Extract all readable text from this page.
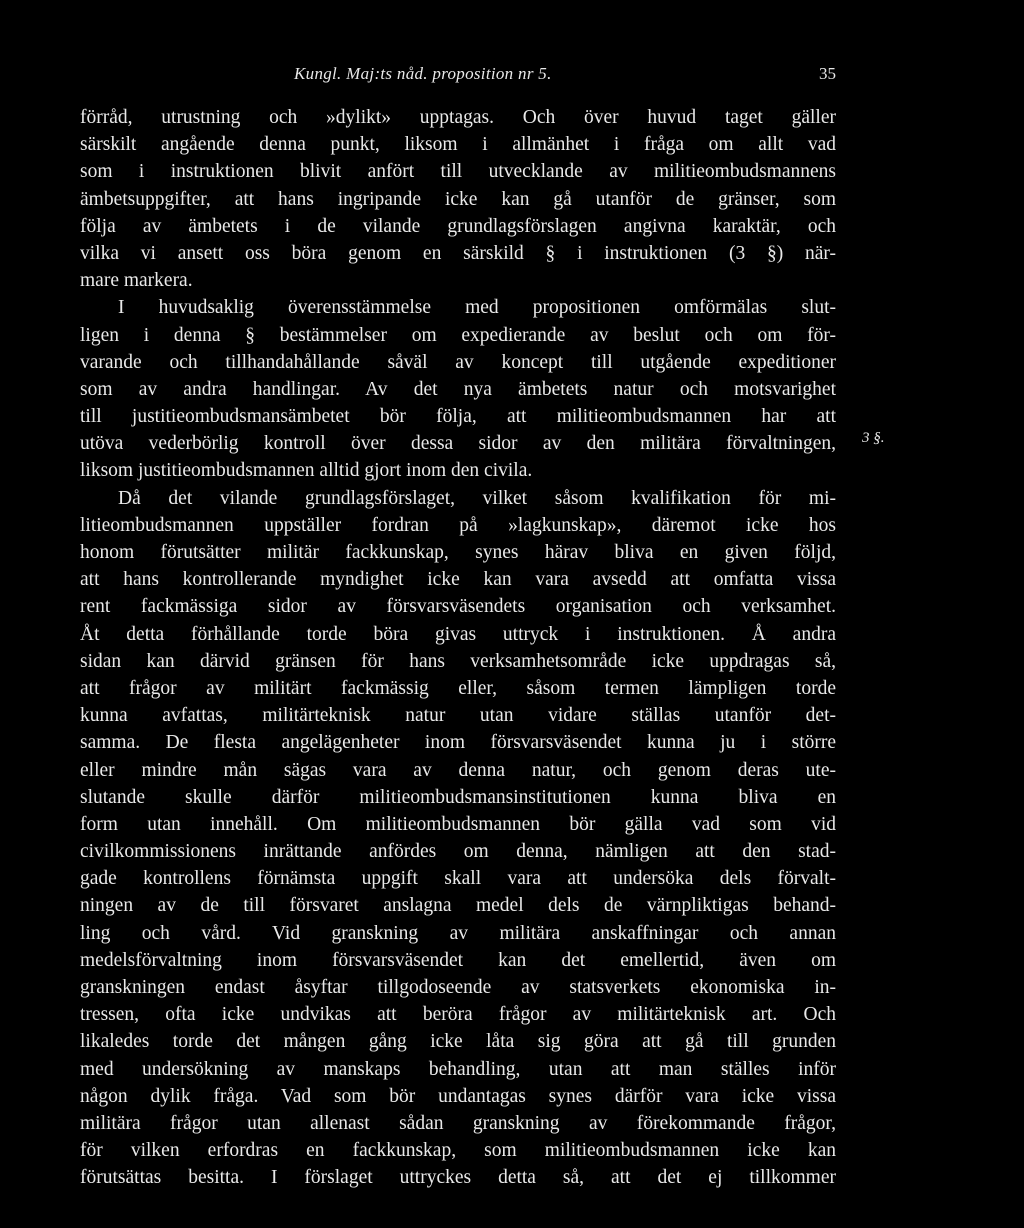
Kungl. Maj:ts nåd. proposition nr 5.	35
3 §.
förråd, utrustning och »dylikt» upptagas. Och över huvud taget gäller
särskilt angående denna punkt, liksom i allmänhet i fråga om allt vad
som i instruktionen blivit anfört till utvecklande av militieombudsmannens
ämbetsuppgifter, att hans ingripande icke kan gå utanför de gränser, som
följa av ämbetets i de vilande grundlagsförslagen angivna karaktär, och
vilka vi ansett oss böra genom en särskild § i instruktionen (3 §) när-
mare markera.
I huvudsaklig överensstämmelse med propositionen omförmälas slut-
ligen i denna § bestämmelser om expedierande av beslut och om för-
varande och tillhandahållande såväl av koncept till utgående expeditioner
som av andra handlingar. Av det nya ämbetets natur och motsvarighet
till justitieombudsmansämbetet bör följa, att militieombudsmannen har att
utöva vederbörlig kontroll över dessa sidor av den militära förvaltningen,
liksom justitieombudsmannen alltid gjort inom den civila.
Då det vilande grundlagsförslaget, vilket såsom kvalifikation för mi-
litieombudsmannen uppställer fordran på »lagkunskap», däremot icke hos
honom förutsätter militär fackkunskap, synes härav bliva en given följd,
att hans kontrollerande myndighet icke kan vara avsedd att omfatta vissa
rent fackmässiga sidor av försvarsväsendets organisation och verksamhet.
Åt detta förhållande torde böra givas uttryck i instruktionen. Å andra
sidan kan därvid gränsen för hans verksamhetsområde icke uppdragas så,
att frågor av militärt fackmässig eller, såsom termen lämpligen torde
kunna avfattas, militärteknisk natur utan vidare ställas utanför det-
samma. De flesta angelägenheter inom försvarsväsendet kunna ju i större
eller mindre mån sägas vara av denna natur, och genom deras ute-
slutande skulle därför militieombudsmansinstitutionen kunna bliva en
form utan innehåll. Om militieombudsmannen bör gälla vad som vid
civilkommissionens inrättande anfördes om denna, nämligen att den stad-
gade kontrollens förnämsta uppgift skall vara att undersöka dels förvalt-
ningen av de till försvaret anslagna medel dels de värnpliktigas behand-
ling och vård. Vid granskning av militära anskaffningar och annan
medelsförvaltning inom försvarsväsendet kan det emellertid, även om
granskningen endast åsyftar tillgodoseende av statsverkets ekonomiska in-
tressen, ofta icke undvikas att beröra frågor av militärteknisk art. Och
likaledes torde det mången gång icke låta sig göra att gå till grunden
med undersökning av manskaps behandling, utan att man ställes inför
någon dylik fråga. Vad som bör undantagas synes därför vara icke vissa
militära frågor utan allenast sådan granskning av förekommande frågor,
för vilken erfordras en fackkunskap, som militieombudsmannen icke kan
förutsättas besitta. I förslaget uttryckes detta så, att det ej tillkommer
